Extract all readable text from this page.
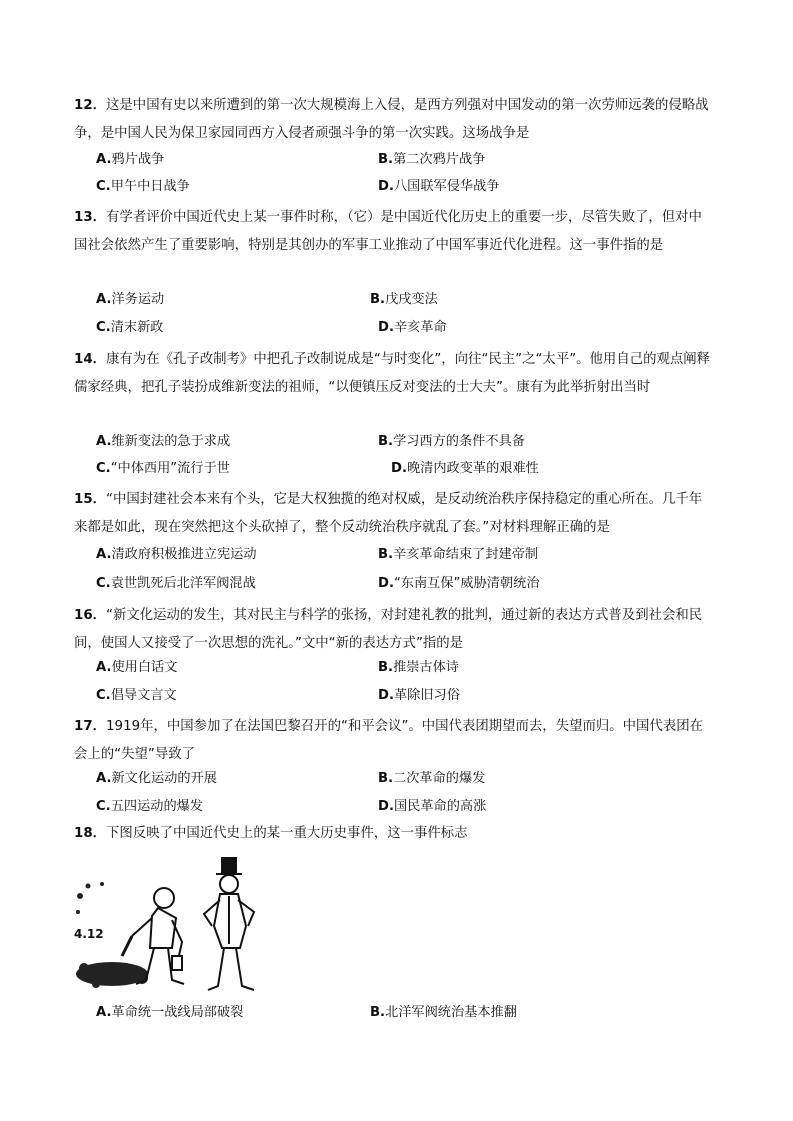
12．这是中国有史以来所遭到的第一次大规模海上入侵，是西方列强对中国发动的第一次劳师远袭的侵略战争，是中国人民为保卫家园同西方入侵者顽强斗争的第一次实践。这场战争是

A.鸦片战争	B.第二次鸦片战争
C.甲午中日战争	D.八国联军侵华战争

13．有学者评价中国近代史上某一事件时称，（它）是中国近代化历史上的重要一步，尽管失败了，但对中国社会依然产生了重要影响，特别是其创办的军事工业推动了中国军事近代化进程。这一事件指的是

A.洋务运动	B.戊戌变法
C.清末新政	D.辛亥革命

14．康有为在《孔子改制考》中把孔子改制说成是“与时变化”，向往“民主”之“太平”。他用自己的观点阐释儒家经典，把孔子装扮成维新变法的祖师，“以便镇压反对变法的士大夫”。康有为此举折射出当时

A.维新变法的急于求成	B.学习西方的条件不具备
C.“中体西用”流行于世	D.晚清内政变革的艰难性

15．“中国封建社会本来有个头，它是大权独揽的绝对权威，是反动统治秩序保持稳定的重心所在。几千年来都是如此，现在突然把这个头砍掉了，整个反动统治秩序就乱了套。”对材料理解正确的是

A.清政府积极推进立宪运动	B.辛亥革命结束了封建帝制
C.袁世凯死后北洋军阀混战	D.“东南互保”威胁清朝统治

16．“新文化运动的发生，其对民主与科学的张扬，对封建礼教的批判，通过新的表达方式普及到社会和民间，使国人又接受了一次思想的洗礼。”文中“新的表达方式”指的是

A.使用白话文	B.推崇古体诗
C.倡导文言文	D.革除旧习俗

17．1919年，中国参加了在法国巴黎召开的“和平会议”。中国代表团期望而去，失望而归。中国代表团在会上的“失望”导致了

A.新文化运动的开展	B.二次革命的爆发
C.五四运动的爆发	D.国民革命的高涨

18．下图反映了中国近代史上的某一重大历史事件，这一事件标志

4.12
A.革命统一战线局部破裂	B.北洋军阀统治基本推翻
